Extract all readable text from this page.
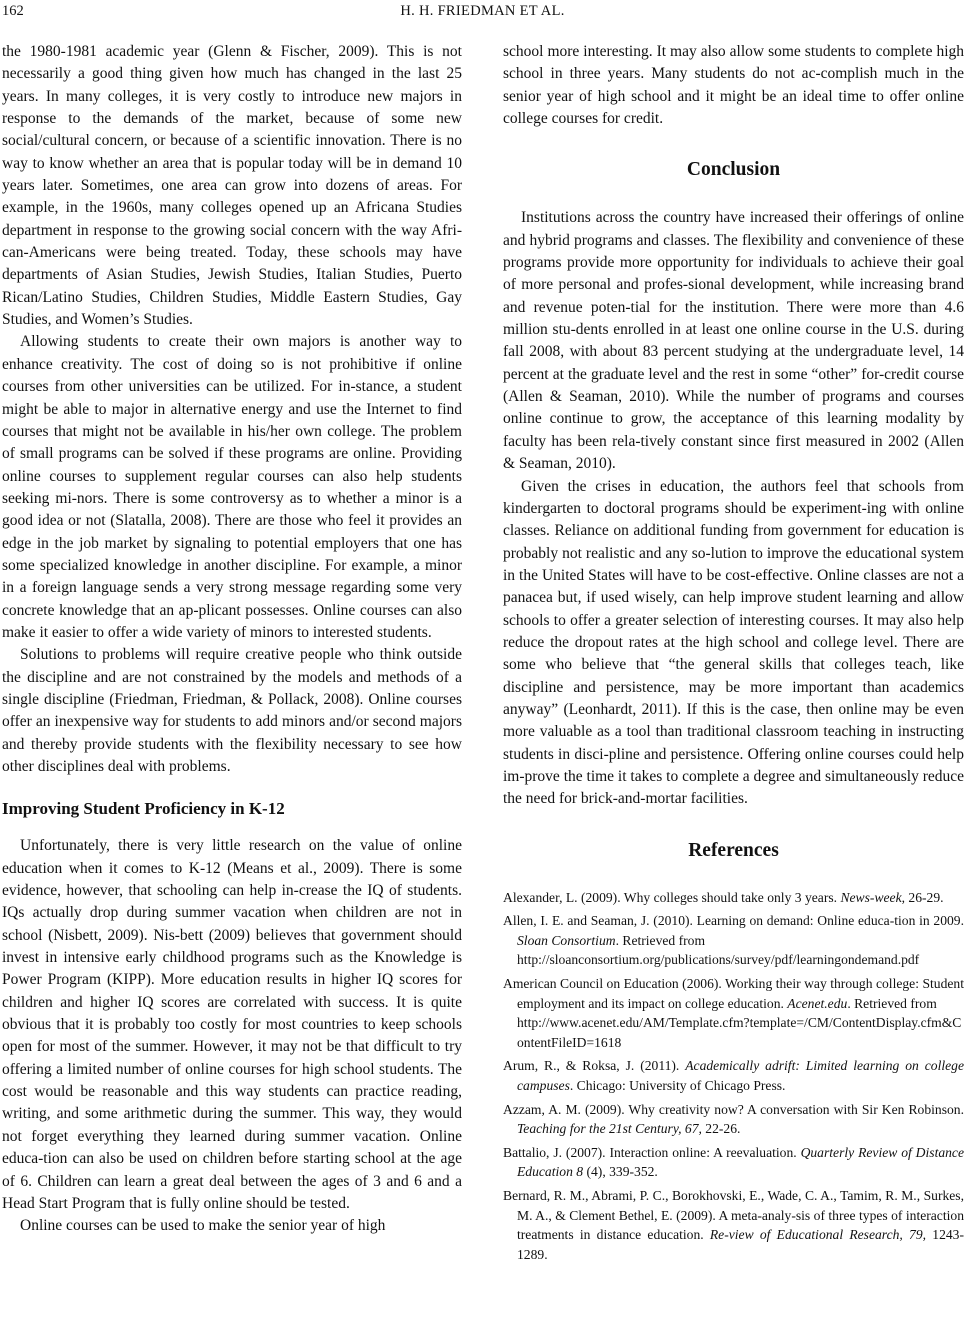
162	H. H. FRIEDMAN ET AL.

the 1980-1981 academic year (Glenn & Fischer, 2009). This is not necessarily a good thing given how much has changed in the last 25 years. In many colleges, it is very costly to introduce new majors in response to the demands of the market, because of some new social/cultural concern, or because of a scientific innovation. There is no way to know whether an area that is popular today will be in demand 10 years later. Sometimes, one area can grow into dozens of areas. For example, in the 1960s, many colleges opened up an Africana Studies department in response to the growing social concern with the way Afri-can-Americans were being treated. Today, these schools may have departments of Asian Studies, Jewish Studies, Italian Studies, Puerto Rican/Latino Studies, Children Studies, Middle Eastern Studies, Gay Studies, and Women’s Studies.

Allowing students to create their own majors is another way to enhance creativity. The cost of doing so is not prohibitive if online courses from other universities can be utilized. For in-stance, a student might be able to major in alternative energy and use the Internet to find courses that might not be available in his/her own college. The problem of small programs can be solved if these programs are online. Providing online courses to supplement regular courses can also help students seeking mi-nors. There is some controversy as to whether a minor is a good idea or not (Slatalla, 2008). There are those who feel it provides an edge in the job market by signaling to potential employers that one has some specialized knowledge in another discipline. For example, a minor in a foreign language sends a very strong message regarding some very concrete knowledge that an ap-plicant possesses. Online courses can also make it easier to offer a wide variety of minors to interested students.

Solutions to problems will require creative people who think outside the discipline and are not constrained by the models and methods of a single discipline (Friedman, Friedman, & Pollack, 2008). Online courses offer an inexpensive way for students to add minors and/or second majors and thereby provide students with the flexibility necessary to see how other disciplines deal with problems.

Improving Student Proficiency in K-12

Unfortunately, there is very little research on the value of online education when it comes to K-12 (Means et al., 2009). There is some evidence, however, that schooling can help in-crease the IQ of students. IQs actually drop during summer vacation when children are not in school (Nisbett, 2009). Nis-bett (2009) believes that government should invest in intensive early childhood programs such as the Knowledge is Power Program (KIPP). More education results in higher IQ scores for children and higher IQ scores are correlated with success. It is quite obvious that it is probably too costly for most countries to keep schools open for most of the summer. However, it may not be that difficult to try offering a limited number of online courses for high school students. The cost would be reasonable and this way students can practice reading, writing, and some arithmetic during the summer. This way, they would not forget everything they learned during summer vacation. Online educa-tion can also be used on children before starting school at the age of 6. Children can learn a great deal between the ages of 3 and 6 and a Head Start Program that is fully online should be tested.

Online courses can be used to make the senior year of high

school more interesting. It may also allow some students to complete high school in three years. Many students do not ac-complish much in the senior year of high school and it might be an ideal time to offer online college courses for credit.

Conclusion

Institutions across the country have increased their offerings of online and hybrid programs and classes. The flexibility and convenience of these programs provide more opportunity for individuals to achieve their goal of more personal and profes-sional development, while increasing brand and revenue poten-tial for the institution. There were more than 4.6 million stu-dents enrolled in at least one online course in the U.S. during fall 2008, with about 83 percent studying at the undergraduate level, 14 percent at the graduate level and the rest in some “other” for-credit course (Allen & Seaman, 2010). While the number of programs and courses online continue to grow, the acceptance of this learning modality by faculty has been rela-tively constant since first measured in 2002 (Allen & Seaman, 2010).

Given the crises in education, the authors feel that schools from kindergarten to doctoral programs should be experiment-ing with online classes. Reliance on additional funding from government for education is probably not realistic and any so-lution to improve the educational system in the United States will have to be cost-effective. Online classes are not a panacea but, if used wisely, can help improve student learning and allow schools to offer a greater selection of interesting courses. It may also help reduce the dropout rates at the high school and college level. There are some who believe that “the general skills that colleges teach, like discipline and persistence, may be more important than academics anyway” (Leonhardt, 2011). If this is the case, then online may be even more valuable as a tool than traditional classroom teaching in instructing students in disci-pline and persistence. Offering online courses could help im-prove the time it takes to complete a degree and simultaneously reduce the need for brick-and-mortar facilities.

References
Alexander, L. (2009). Why colleges should take only 3 years. News-week, 26-29.
Allen, I. E. and Seaman, J. (2010). Learning on demand: Online educa-tion in 2009. Sloan Consortium. Retrieved from
http://sloanconsortium.org/publications/survey/pdf/learningondemand.pdf
American Council on Education (2006). Working their way through college: Student employment and its impact on college education. Acenet.edu. Retrieved from
http://www.acenet.edu/AM/Template.cfm?template=/CM/ContentDisplay.cfm&ContentFileID=1618
Arum, R., & Roksa, J. (2011). Academically adrift: Limited learning on college campuses. Chicago: University of Chicago Press.
Azzam, A. M. (2009). Why creativity now? A conversation with Sir Ken Robinson. Teaching for the 21st Century, 67, 22-26.
Battalio, J. (2007). Interaction online: A reevaluation. Quarterly Review of Distance Education 8 (4), 339-352.
Bernard, R. M., Abrami, P. C., Borokhovski, E., Wade, C. A., Tamim, R. M., Surkes, M. A., & Clement Bethel, E. (2009). A meta-analy-sis of three types of interaction treatments in distance education. Re-view of Educational Research, 79, 1243-1289.
